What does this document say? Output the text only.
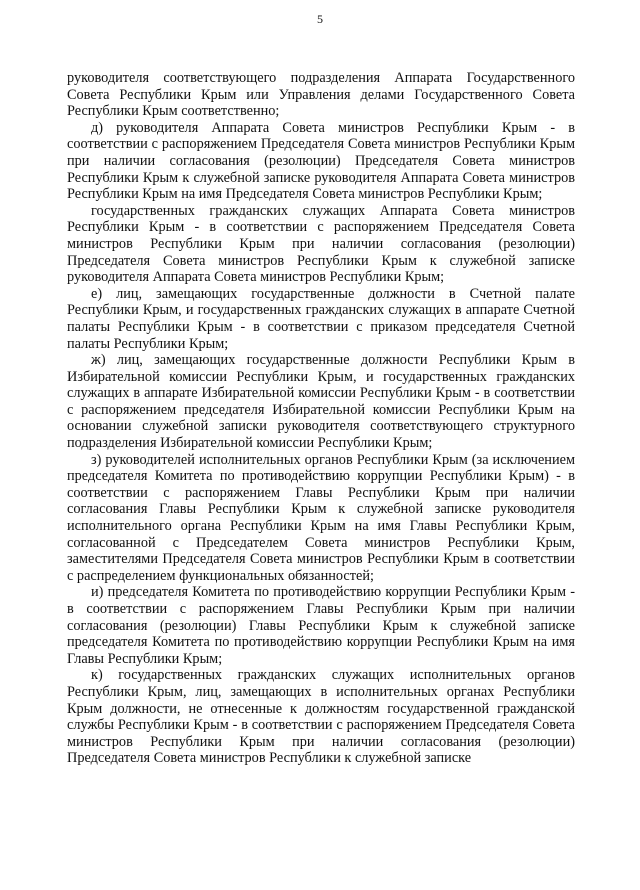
5

руководителя соответствующего подразделения Аппарата Государственного Совета Республики Крым или Управления делами Государственного Совета Республики Крым соответственно;

д) руководителя Аппарата Совета министров Республики Крым - в соответствии с распоряжением Председателя Совета министров Республики Крым при наличии согласования (резолюции) Председателя Совета министров Республики Крым к служебной записке руководителя Аппарата Совета министров Республики Крым на имя Председателя Совета министров Республики Крым;

государственных гражданских служащих Аппарата Совета министров Республики Крым - в соответствии с распоряжением Председателя Совета министров Республики Крым при наличии согласования (резолюции) Председателя Совета министров Республики Крым к служебной записке руководителя Аппарата Совета министров Республики Крым;

е) лиц, замещающих государственные должности в Счетной палате Республики Крым, и государственных гражданских служащих в аппарате Счетной палаты Республики Крым - в соответствии с приказом председателя Счетной палаты Республики Крым;

ж) лиц, замещающих государственные должности Республики Крым в Избирательной комиссии Республики Крым, и государственных гражданских служащих в аппарате Избирательной комиссии Республики Крым - в соответствии с распоряжением председателя Избирательной комиссии Республики Крым на основании служебной записки руководителя соответствующего структурного подразделения Избирательной комиссии Республики Крым;

з) руководителей исполнительных органов Республики Крым (за исключением председателя Комитета по противодействию коррупции Республики Крым) - в соответствии с распоряжением Главы Республики Крым при наличии согласования Главы Республики Крым к служебной записке руководителя исполнительного органа Республики Крым на имя Главы Республики Крым, согласованной с Председателем Совета министров Республики Крым, заместителями Председателя Совета министров Республики Крым в соответствии с распределением функциональных обязанностей;

и) председателя Комитета по противодействию коррупции Республики Крым - в соответствии с распоряжением Главы Республики Крым при наличии согласования (резолюции) Главы Республики Крым к служебной записке председателя Комитета по противодействию коррупции Республики Крым на имя Главы Республики Крым;

к) государственных гражданских служащих исполнительных органов Республики Крым, лиц, замещающих в исполнительных органах Республики Крым должности, не отнесенные к должностям государственной гражданской службы Республики Крым - в соответствии с распоряжением Председателя Совета министров Республики Крым при наличии согласования (резолюции) Председателя Совета министров Республики к служебной записке
